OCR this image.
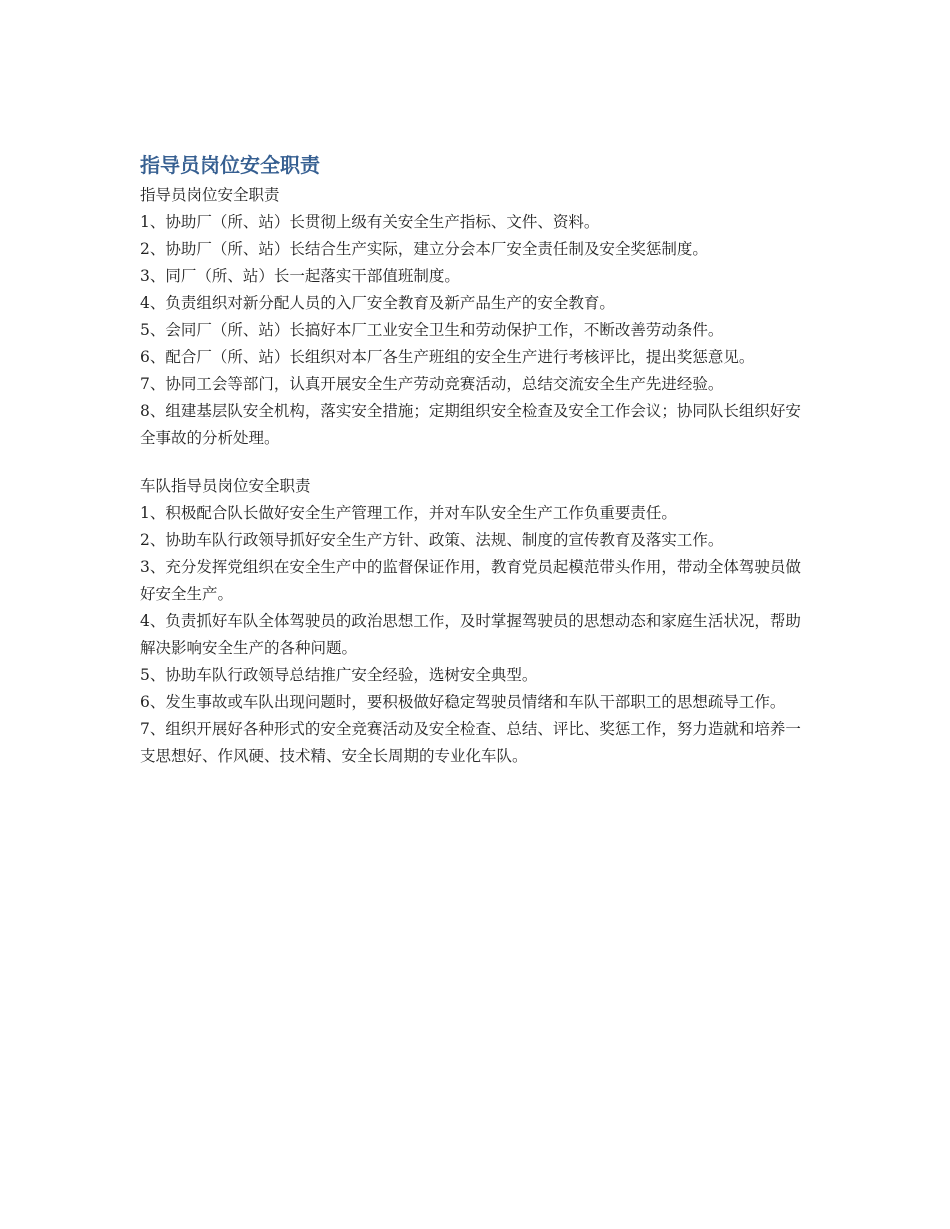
指导员岗位安全职责

指导员岗位安全职责

1、协助厂（所、站）长贯彻上级有关安全生产指标、文件、资料。

2、协助厂（所、站）长结合生产实际，建立分会本厂安全责任制及安全奖惩制度。

3、同厂（所、站）长一起落实干部值班制度。

4、负责组织对新分配人员的入厂安全教育及新产品生产的安全教育。

5、会同厂（所、站）长搞好本厂工业安全卫生和劳动保护工作，不断改善劳动条件。

6、配合厂（所、站）长组织对本厂各生产班组的安全生产进行考核评比，提出奖惩意见。

7、协同工会等部门，认真开展安全生产劳动竞赛活动，总结交流安全生产先进经验。

8、组建基层队安全机构，落实安全措施；定期组织安全检查及安全工作会议；协同队长组织好安全事故的分析处理。

车队指导员岗位安全职责

1、积极配合队长做好安全生产管理工作，并对车队安全生产工作负重要责任。

2、协助车队行政领导抓好安全生产方针、政策、法规、制度的宣传教育及落实工作。

3、充分发挥党组织在安全生产中的监督保证作用，教育党员起模范带头作用，带动全体驾驶员做好安全生产。

4、负责抓好车队全体驾驶员的政治思想工作，及时掌握驾驶员的思想动态和家庭生活状况，帮助解决影响安全生产的各种问题。

5、协助车队行政领导总结推广安全经验，选树安全典型。

6、发生事故或车队出现问题时，要积极做好稳定驾驶员情绪和车队干部职工的思想疏导工作。

7、组织开展好各种形式的安全竞赛活动及安全检查、总结、评比、奖惩工作，努力造就和培养一支思想好、作风硬、技术精、安全长周期的专业化车队。
